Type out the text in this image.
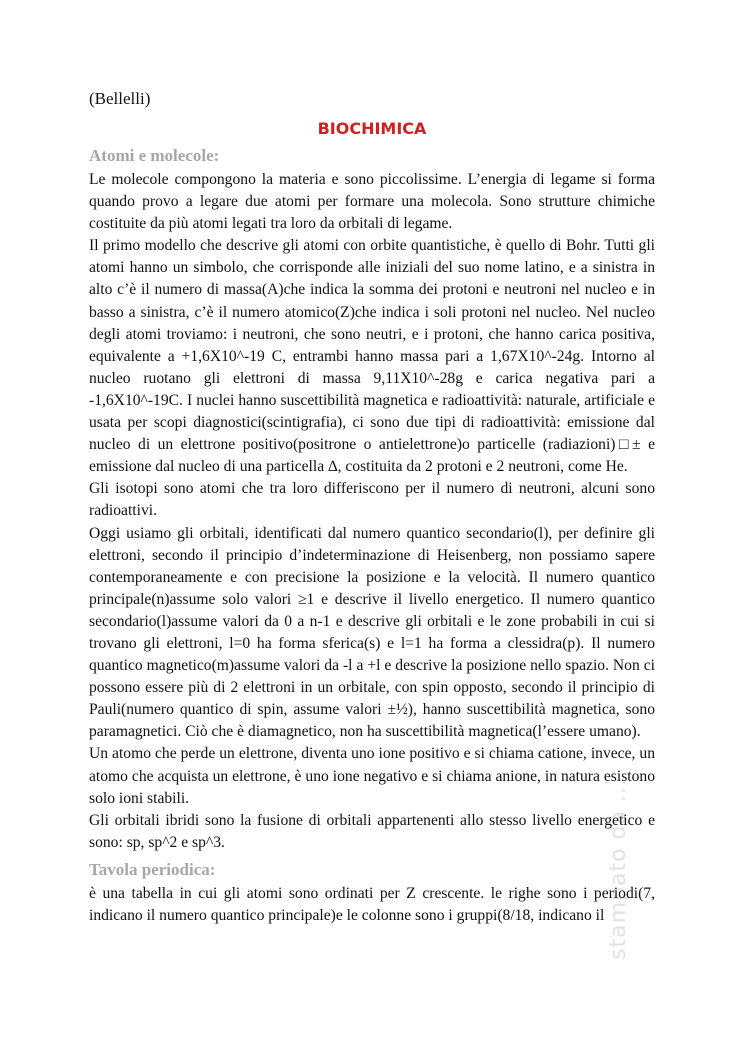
stampato da ...

(Bellelli)

BIOCHIMICA
Atomi e molecole:

Le molecole compongono la materia e sono piccolissime. L’energia di legame si forma quando provo a legare due atomi per formare una molecola. Sono strutture chimiche costituite da più atomi legati tra loro da orbitali di legame.

Il primo modello che descrive gli atomi con orbite quantistiche, è quello di Bohr. Tutti gli atomi hanno un simbolo, che corrisponde alle iniziali del suo nome latino, e a sinistra in alto c’è il numero di massa(A)che indica la somma dei protoni e neutroni nel nucleo e in basso a sinistra, c’è il numero atomico(Z)che indica i soli protoni nel nucleo. Nel nucleo degli atomi troviamo: i neutroni, che sono neutri, e i protoni, che hanno carica positiva, equivalente a +1,6X10^-19 C, entrambi hanno massa pari a 1,67X10^-24g. Intorno al nucleo ruotano gli elettroni di massa 9,11X10^-28g e carica negativa pari a -1,6X10^-19C. I nuclei hanno suscettibilità magnetica e radioattività: naturale, artificiale e usata per scopi diagnostici(scintigrafia), ci sono due tipi di radioattività: emissione dal nucleo di un elettrone positivo(positrone o antielettrone)o particelle (radiazioni)□± e emissione dal nucleo di una particella ∆, costituita da 2 protoni e 2 neutroni, come He.

Gli isotopi sono atomi che tra loro differiscono per il numero di neutroni, alcuni sono radioattivi.

Oggi usiamo gli orbitali, identificati dal numero quantico secondario(l), per definire gli elettroni, secondo il principio d’indeterminazione di Heisenberg, non possiamo sapere contemporaneamente e con precisione la posizione e la velocità. Il numero quantico principale(n)assume solo valori ≥1 e descrive il livello energetico. Il numero quantico secondario(l)assume valori da 0 a n-1 e descrive gli orbitali e le zone probabili in cui si trovano gli elettroni, l=0 ha forma sferica(s) e l=1 ha forma a clessidra(p). Il numero quantico magnetico(m)assume valori da -l a +l e descrive la posizione nello spazio. Non ci possono essere più di 2 elettroni in un orbitale, con spin opposto, secondo il principio di Pauli(numero quantico di spin, assume valori ±½), hanno suscettibilità magnetica, sono paramagnetici. Ciò che è diamagnetico, non ha suscettibilità magnetica(l’essere umano).

Un atomo che perde un elettrone, diventa uno ione positivo e si chiama catione, invece, un atomo che acquista un elettrone, è uno ione negativo e si chiama anione, in natura esistono solo ioni stabili.

Gli orbitali ibridi sono la fusione di orbitali appartenenti allo stesso livello energetico e sono: sp, sp^2 e sp^3.

Tavola periodica:

è una tabella in cui gli atomi sono ordinati per Z crescente. le righe sono i periodi(7, indicano il numero quantico principale)e le colonne sono i gruppi(8/18, indicano il
